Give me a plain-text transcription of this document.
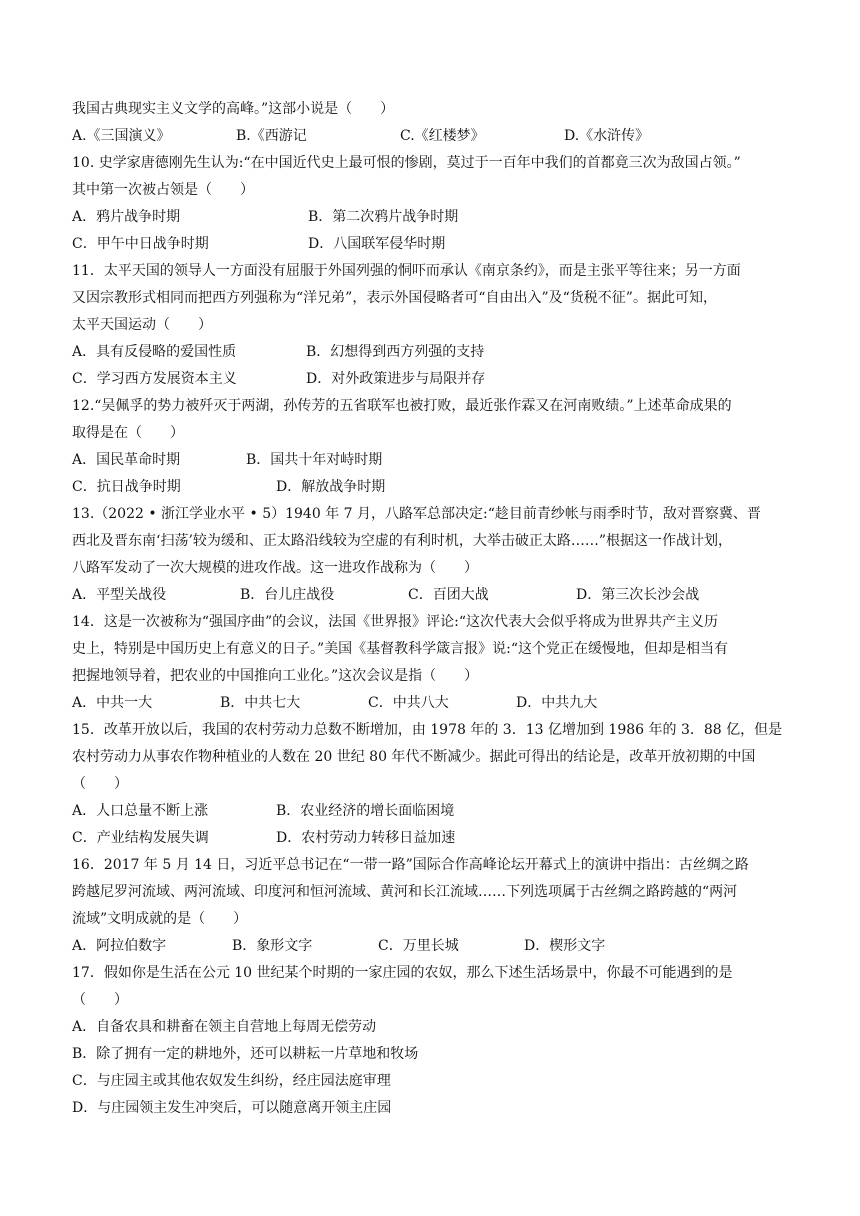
我国古典现实主义文学的高峰。”这部小说是（　　）
A.《三国演义》	B.《西游记	C.《红楼梦》	D.《水浒传》
10. 史学家唐德刚先生认为:“在中国近代史上最可恨的惨剧，莫过于一百年中我们的首都竟三次为敌国占领。”
其中第一次被占领是（　　）
A．鸦片战争时期	B．第二次鸦片战争时期
C．甲午中日战争时期	D．八国联军侵华时期
11．太平天国的领导人一方面没有屈服于外国列强的恫吓而承认《南京条约》，而是主张平等往来；另一方面
又因宗教形式相同而把西方列强称为“洋兄弟”，表示外国侵略者可“自由出入”及“货税不征”。据此可知，
太平天国运动（　　）
A．具有反侵略的爱国性质	B．幻想得到西方列强的支持
C．学习西方发展资本主义	D．对外政策进步与局限并存
12.“吴佩孚的势力被歼灭于两湖，孙传芳的五省联军也被打败，最近张作霖又在河南败绩。”上述革命成果的
取得是在（　　）
A．国民革命时期	B．国共十年对峙时期
C．抗日战争时期	D．解放战争时期
13.（2022 • 浙江学业水平 • 5）1940 年 7 月，八路军总部决定:“趁目前青纱帐与雨季时节，敌对晋察冀、晋
西北及晋东南‘扫荡’较为缓和、正太路沿线较为空虚的有利时机，大举击破正太路……”根据这一作战计划，
八路军发动了一次大规模的进攻作战。这一进攻作战称为（　　）
A．平型关战役	B．台儿庄战役	C．百团大战	D．第三次长沙会战
14．这是一次被称为“强国序曲”的会议，法国《世界报》评论:“这次代表大会似乎将成为世界共产主义历
史上，特别是中国历史上有意义的日子。”美国《基督教科学箴言报》说:“这个党正在缓慢地，但却是相当有
把握地领导着，把农业的中国推向工业化。”这次会议是指（　　）
A．中共一大	B．中共七大	C．中共八大	D．中共九大
15．改革开放以后，我国的农村劳动力总数不断增加，由 1978 年的 3．13 亿增加到 1986 年的 3．88 亿，但是
农村劳动力从事农作物种植业的人数在 20 世纪 80 年代不断减少。据此可得出的结论是，改革开放初期的中国
（　　）
A．人口总量不断上涨	B．农业经济的增长面临困境
C．产业结构发展失调	D．农村劳动力转移日益加速
16．2017 年 5 月 14 日，习近平总书记在“一带一路”国际合作高峰论坛开幕式上的演讲中指出：古丝绸之路
跨越尼罗河流域、两河流域、印度河和恒河流域、黄河和长江流域……下列选项属于古丝绸之路跨越的“两河
流域”文明成就的是（　　）
A．阿拉伯数字	B．象形文字	C．万里长城	D．楔形文字
17．假如你是生活在公元 10 世纪某个时期的一家庄园的农奴，那么下述生活场景中，你最不可能遇到的是
（　　）
A．自备农具和耕畜在领主自营地上每周无偿劳动
B．除了拥有一定的耕地外，还可以耕耘一片草地和牧场
C．与庄园主或其他农奴发生纠纷，经庄园法庭审理
D．与庄园领主发生冲突后，可以随意离开领主庄园
